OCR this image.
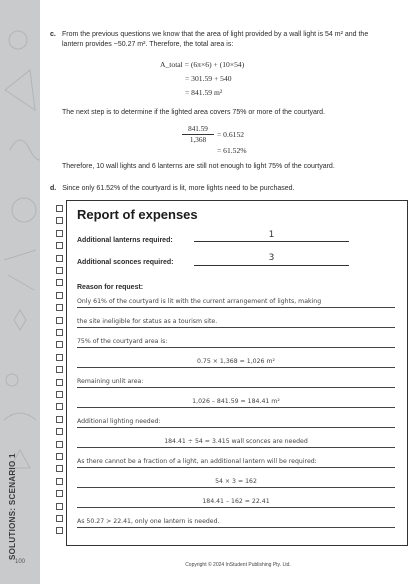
SOLUTIONS: SCENARIO 1
100
c. From the previous questions we know that the area of light provided by a wall light is 54 m² and the lantern provides ~50.27 m². Therefore, the total area is:
A_total = (6π×6) + (10×54)
= 301.59 + 540
= 841.59 m²
The next step is to determine if the lighted area covers 75% or more of the courtyard.
$\frac{841.59}{1,368}$
= 0.6152
= 61.52%
Therefore, 10 wall lights and 6 lanterns are still not enough to light 75% of the courtyard.
d. Since only 61.52% of the courtyard is lit, more lights need to be purchased.
Report of expenses
Additional lanterns required:
1
Additional sconces required:	3
Reason for request:
Only 61% of the courtyard is lit with the current arrangement of lights, making
the site ineligible for status as a tourism site.
75% of the courtyard area is:
0.75 × 1,368 = 1,026 m²
Remaining unlit area:
1,026 – 841.59 = 184.41 m²
Additional lighting needed:
184.41 ÷ 54 = 3.415 wall sconces are needed
As there cannot be a fraction of a light, an additional lantern will be required:
54 × 3 = 162
184.41 – 162 = 22.41
As 50.27 > 22.41, only one lantern is needed.
Copyright © 2024 InStudent Publishing Pty. Ltd.
